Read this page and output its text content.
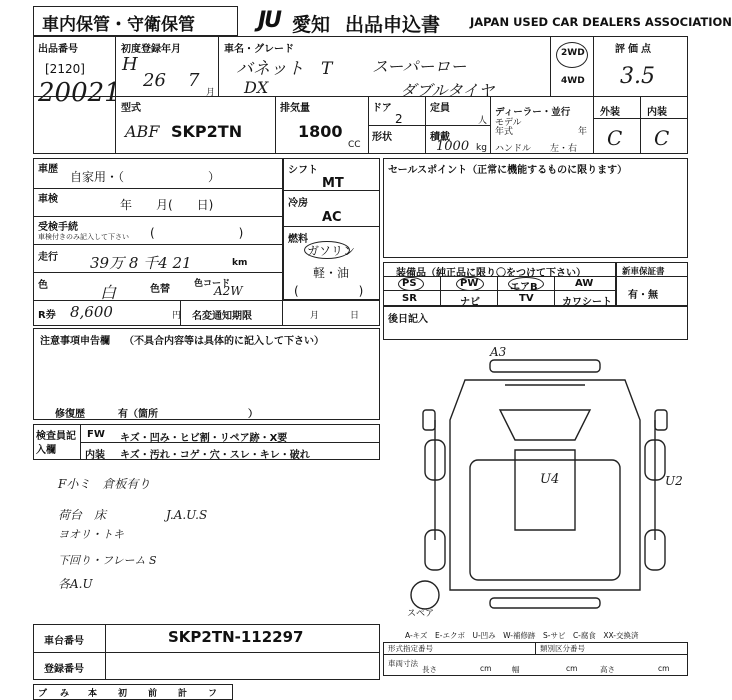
車内保管・守衛保管	JU 愛知 出品申込書	JAPAN USED CAR DEALERS ASSOCIATION
出品番号
[2120]
20021
初度登録年月
H
26 7
月
車名・グレード
バネット　T スーパーロー
DX	ダブルタイヤ
2WD
4WD
評価点
3.5
外装	内装
C C
型式
ABF SKP2TN
排気量
1800
CC
ドア
2
定員
人
形状	積載
1000 kg
ディーラー・並行
モデル年式	年
ハンドル 左・右
車歴
自家用・（　　　　　　　）
車検	年　　月(　　日)
受検手続
車検付きのみ記入して下さい (　　　　　　　)
走行 39万 8 千4 21	km
色	白	色替	色コード
A2W
R券 8,600	円 名変通知期限	月	日
シフト
MT
冷房
AC
燃料
ガソリン
軽・油
(　　　　　)
セールスポイント（正常に機能するものに限ります）
装備品（純正品に限り〇をつけて下さい）
PS	PW	エアB	AW
SR	ナビ	TV	カワシート
新車保証書
有・無
後日記入
注意事項申告欄 （不具合内容等は具体的に記入して下さい）
修復歴	有（箇所　　　　　　　　　）
検査員記入欄
FW キズ・凹み・ヒビ割・リペア跡・X要
内装 キズ・汚れ・コゲ・穴・スレ・キレ・破れ
F小ミ　倉板有り
荷台　床　　　　　J.A.U.S
ヨオリ・トキ
下回り・フレーム S
各A.U
A3
U4	U2
スペア
車台番号	SKP2TN-112297
登録番号
A-キズ　E-エクボ　U-凹み　W-補修跡　S-サビ　C-腐食　XX-交換済
形式指定番号	類別区分番号
車両寸法
長さ	幅	高さ
cm	cm	cm
ブ み 本 初 前 計 フ
